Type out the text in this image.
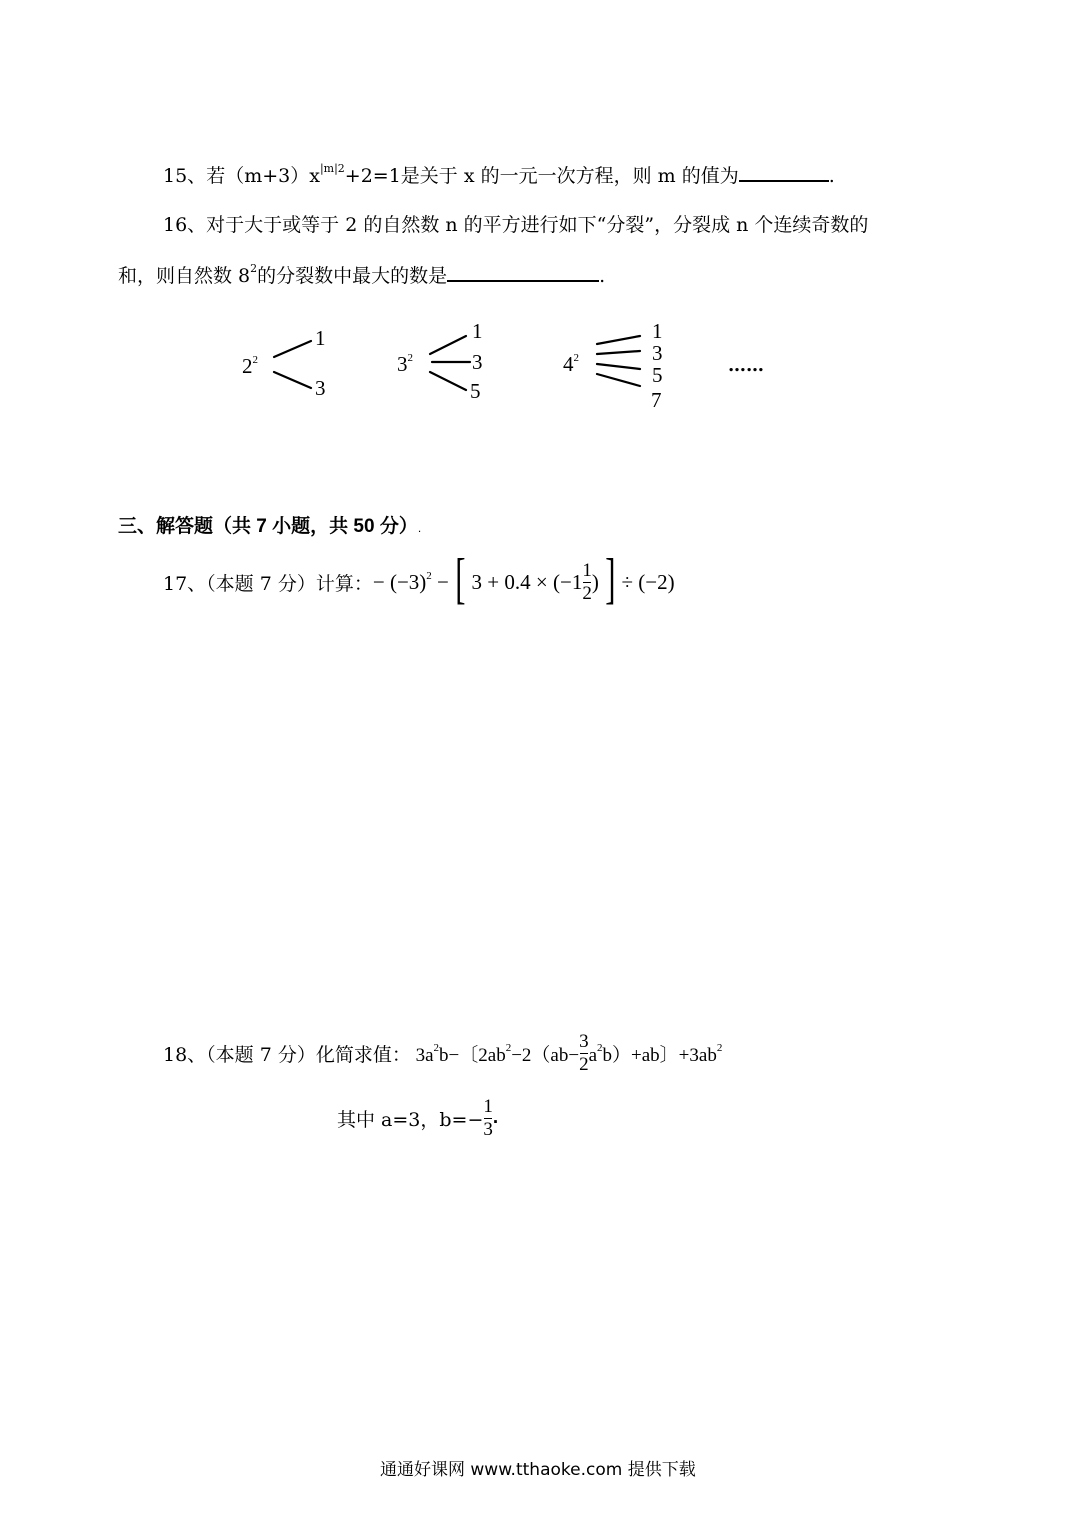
15、若$(m+3)x^{|m|2}+2=1$是关于 x 的一元一次方程，则 m 的值为	.
16、对于大于或等于 2 的自然数 n 的平方进行如下“分裂”，分裂成 n 个连续奇数的
和，则自然数 $8^2$的分裂数中最大的数是	.
$2^2$
1
3
$3^2$
1
3
5
$4^2$
1
3
5
7
……
三、解答题（共 7 小题，共 50 分）.
17、（本题 7 分）计算： − $(-3)^2$ − [ $3 + 0.4 \times (-1 \frac{1}{2}$ ) ] ÷ (−2)
18、（本题 7 分）化简求值： $3a^2b-$〔$2ab^2-2(ab- \frac{3}{2} a^2b)+ab$〕$+3ab^2$
其中 a=3，$b=- \frac{1}{3}$ .
通通好课网 www.tthaoke.com 提供下载
